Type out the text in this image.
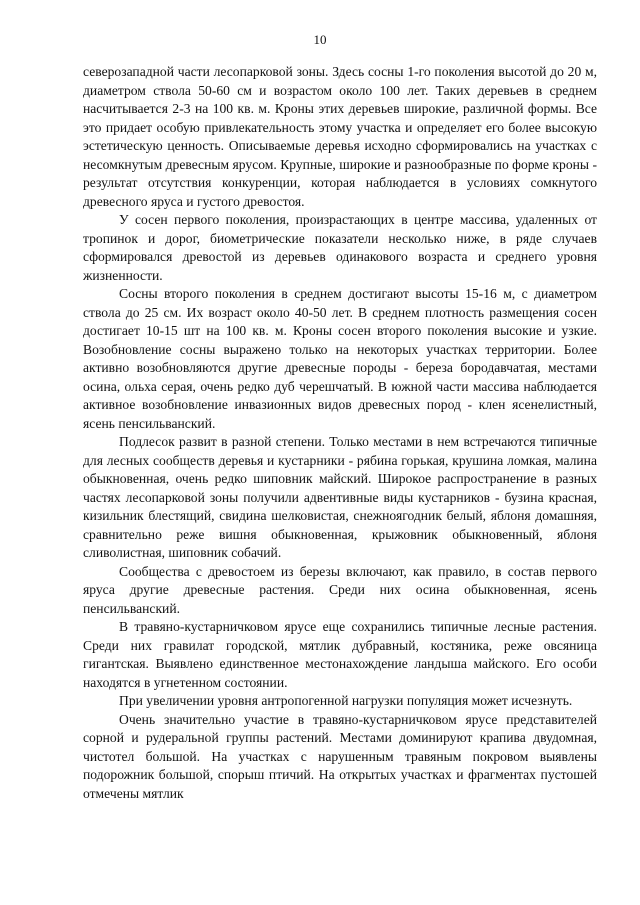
10

северозападной части лесопарковой зоны. Здесь сосны 1-го поколения высотой до 20 м, диаметром ствола 50-60 см и возрастом около 100 лет. Таких деревьев в среднем насчитывается 2-3 на 100 кв. м. Кроны этих деревьев широкие, различной формы. Все это придает особую привлекательность этому участка и определяет его более высокую эстетическую ценность. Описываемые деревья исходно сформировались на участках с несомкнутым древесным ярусом. Крупные, широкие и разнообразные по форме кроны - результат отсутствия конкуренции, которая наблюдается в условиях сомкнутого древесного яруса и густого древостоя.

У сосен первого поколения, произрастающих в центре массива, удаленных от тропинок и дорог, биометрические показатели несколько ниже, в ряде случаев сформировался древостой из деревьев одинакового возраста и среднего уровня жизненности.

Сосны второго поколения в среднем достигают высоты 15-16 м, с диаметром ствола до 25 см. Их возраст около 40-50 лет. В среднем плотность размещения сосен достигает 10-15 шт на 100 кв. м. Кроны сосен второго поколения высокие и узкие. Возобновление сосны выражено только на некоторых участках территории. Более активно возобновляются другие древесные породы - береза бородавчатая, местами осина, ольха серая, очень редко дуб черешчатый. В южной части массива наблюдается активное возобновление инвазионных видов древесных пород - клен ясенелистный, ясень пенсильванский.

Подлесок развит в разной степени. Только местами в нем встречаются типичные для лесных сообществ деревья и кустарники - рябина горькая, крушина ломкая, малина обыкновенная, очень редко шиповник майский. Широкое распространение в разных частях лесопарковой зоны получили адвентивные виды кустарников - бузина красная, кизильник блестящий, свидина шелковистая, снежноягодник белый, яблоня домашняя, сравнительно реже вишня обыкновенная, крыжовник обыкновенный, яблоня сливолистная, шиповник собачий.

Сообщества с древостоем из березы включают, как правило, в состав первого яруса другие древесные растения. Среди них осина обыкновенная, ясень пенсильванский.

В травяно-кустарничковом ярусе еще сохранились типичные лесные растения. Среди них гравилат городской, мятлик дубравный, костяника, реже овсяница гигантская. Выявлено единственное местонахождение ландыша майского. Его особи находятся в угнетенном состоянии.

При увеличении уровня антропогенной нагрузки популяция может исчезнуть.

Очень значительно участие в травяно-кустарничковом ярусе представителей сорной и рудеральной группы растений. Местами доминируют крапива двудомная, чистотел большой. На участках с нарушенным травяным покровом выявлены подорожник большой, спорыш птичий. На открытых участках и фрагментах пустошей отмечены мятлик
